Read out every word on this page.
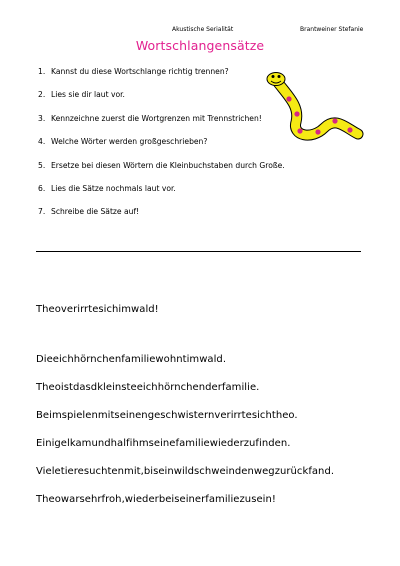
Akustische Serialität	Brantweiner Stefanie
Wortschlangensätze
1. Kannst du diese Wortschlange richtig trennen?
2. Lies sie dir laut vor.
3. Kennzeichne zuerst die Wortgrenzen mit Trennstrichen!
4. Welche Wörter werden großgeschrieben?
5. Ersetze bei diesen Wörtern die Kleinbuchstaben durch Große.
6. Lies die Sätze nochmals laut vor.
7. Schreibe die Sätze auf!
Theoverirrtesichimwald!
Dieeichhörnchenfamiliewohntimwald.
Theoistdasdkleinsteeichhörnchenderfamilie.
Beimspielenmitseinengeschwisternverirrtesichtheo.
Einigelkamundhalfihmseinefamiliewiederzufinden.
Vieletieresuchtenmit,biseinwildschweindenwegzurückfand.
Theowarsehrfroh,wiederbeiseinerfamiliezusein!
